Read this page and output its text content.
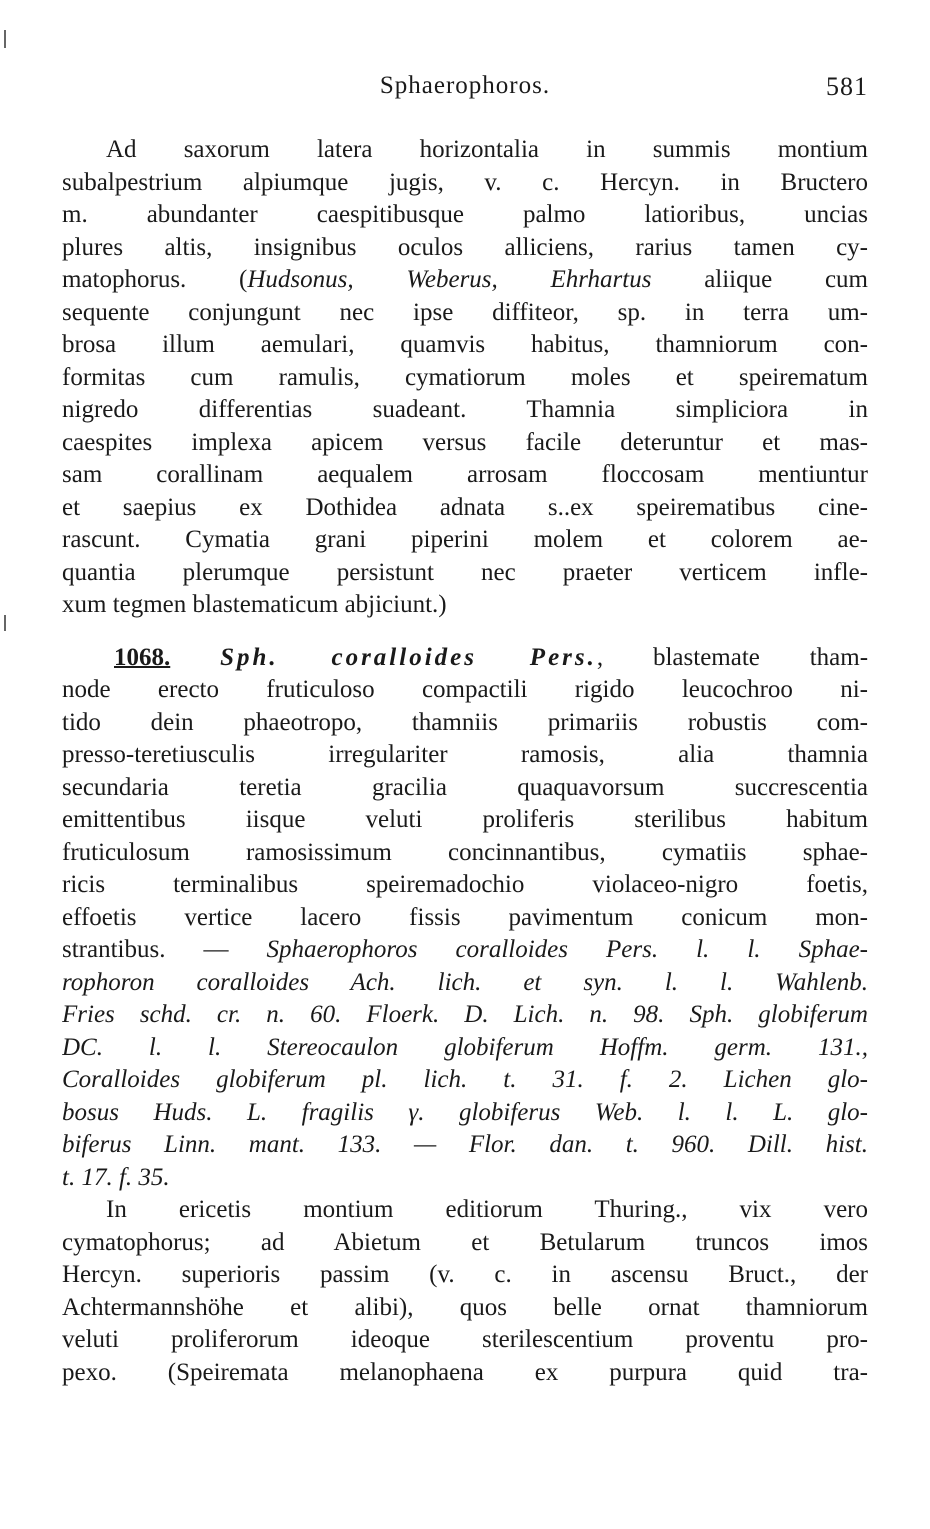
Sphaerophoros.	581
Ad saxorum latera horizontalia in summis montium
subalpestrium alpiumque jugis, v. c. Hercyn. in Bructero
m. abundanter caespitibusque palmo latioribus, uncias
plures altis, insignibus oculos alliciens, rarius tamen cy-
matophorus. (Hudsonus, Weberus, Ehrhartus aliique cum
sequente conjungunt nec ipse diffiteor, sp. in terra um-
brosa illum aemulari, quamvis habitus, thamniorum con-
formitas cum ramulis, cymatiorum moles et speirematum
nigredo differentias suadeant. Thamnia simpliciora in
caespites implexa apicem versus facile deteruntur et mas-
sam corallinam aequalem arrosam floccosam mentiuntur
et saepius ex Dothidea adnata s..ex speirematibus cine-
rascunt. Cymatia grani piperini molem et colorem ae-
quantia plerumque persistunt nec praeter verticem infle-
xum tegmen blastematicum abjiciunt.)
1068. Sph. coralloides Pers., blastemate tham-
node erecto fruticuloso compactili rigido leucochroo ni-
tido dein phaeotropo, thamniis primariis robustis com-
presso-teretiusculis irregulariter ramosis, alia thamnia
secundaria teretia gracilia quaquavorsum succrescentia
emittentibus iisque veluti proliferis sterilibus habitum
fruticulosum ramosissimum concinnantibus, cymatiis sphae-
ricis terminalibus speiremadochio violaceo-nigro foetis,
effoetis vertice lacero fissis pavimentum conicum mon-
strantibus. — Sphaerophoros coralloides Pers. l. l. Sphae-
rophoron coralloides Ach. lich. et syn. l. l. Wahlenb.
Fries schd. cr. n. 60. Floerk. D. Lich. n. 98. Sph. globiferum
DC. l. l. Stereocaulon globiferum Hoffm. germ. 131.,
Coralloides globiferum pl. lich. t. 31. f. 2. Lichen glo-
bosus Huds. L. fragilis γ. globiferus Web. l. l. L. glo-
biferus Linn. mant. 133. — Flor. dan. t. 960. Dill. hist.
t. 17. f. 35.
In ericetis montium editiorum Thuring., vix vero
cymatophorus; ad Abietum et Betularum truncos imos
Hercyn. superioris passim (v. c. in ascensu Bruct., der
Achtermannshöhe et alibi), quos belle ornat thamniorum
veluti proliferorum ideoque sterilescentium proventu pro-
pexo. (Speiremata melanophaena ex purpura quid tra-
